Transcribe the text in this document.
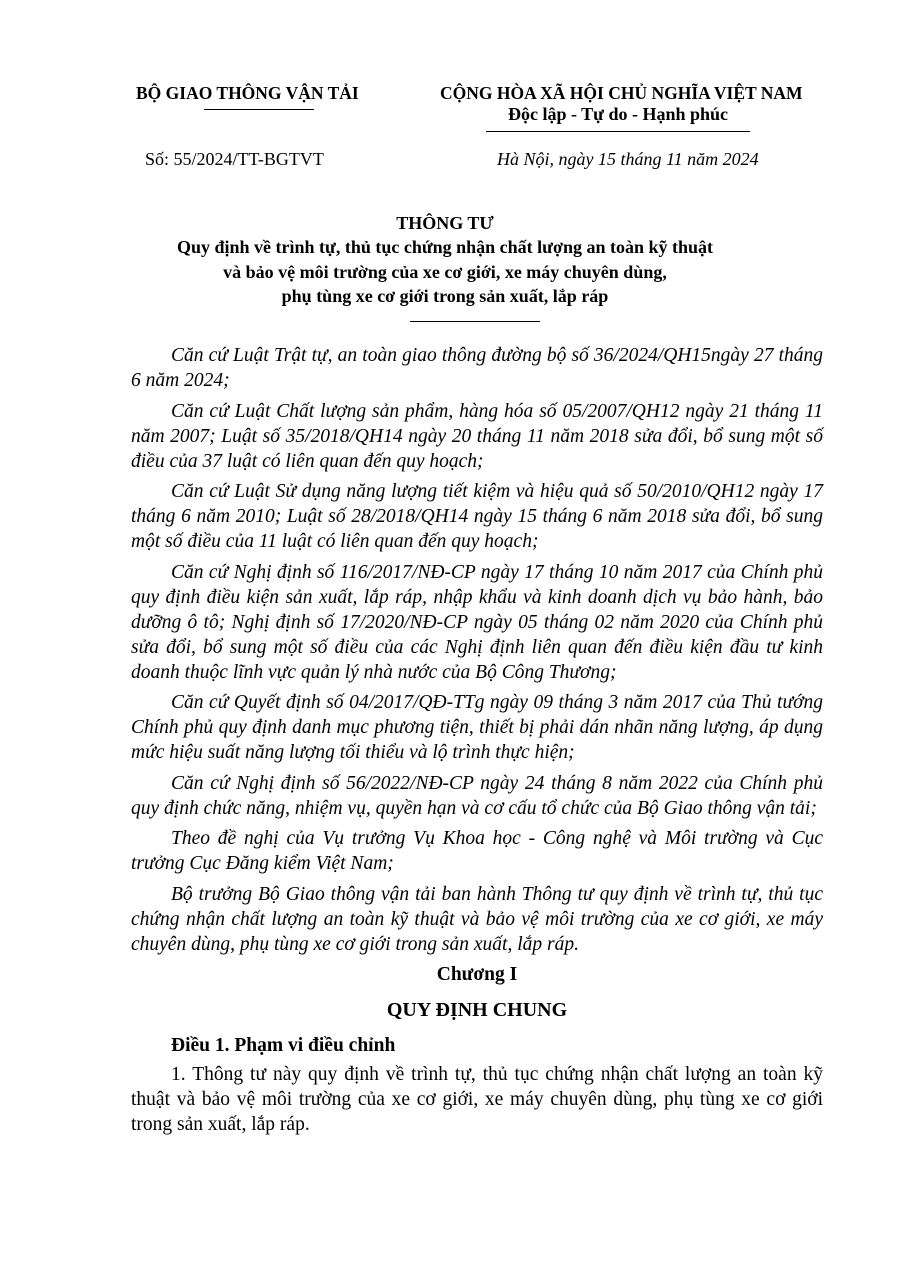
BỘ GIAO THÔNG VẬN TẢI	CỘNG HÒA XÃ HỘI CHỦ NGHĨA VIỆT NAM
Độc lập - Tự do - Hạnh phúc
Số: 55/2024/TT-BGTVT	Hà Nội, ngày 15 tháng 11 năm 2024
THÔNG TƯ
Quy định về trình tự, thủ tục chứng nhận chất lượng an toàn kỹ thuật
và bảo vệ môi trường của xe cơ giới, xe máy chuyên dùng,
phụ tùng xe cơ giới trong sản xuất, lắp ráp

Căn cứ Luật Trật tự, an toàn giao thông đường bộ số 36/2024/QH15ngày 27 tháng 6 năm 2024;

Căn cứ Luật Chất lượng sản phẩm, hàng hóa số 05/2007/QH12 ngày 21 tháng 11 năm 2007; Luật số 35/2018/QH14 ngày 20 tháng 11 năm 2018 sửa đổi, bổ sung một số điều của 37 luật có liên quan đến quy hoạch;

Căn cứ Luật Sử dụng năng lượng tiết kiệm và hiệu quả số 50/2010/QH12 ngày 17 tháng 6 năm 2010; Luật số 28/2018/QH14 ngày 15 tháng 6 năm 2018 sửa đổi, bổ sung một số điều của 11 luật có liên quan đến quy hoạch;

Căn cứ Nghị định số 116/2017/NĐ-CP ngày 17 tháng 10 năm 2017 của Chính phủ quy định điều kiện sản xuất, lắp ráp, nhập khẩu và kinh doanh dịch vụ bảo hành, bảo dưỡng ô tô; Nghị định số 17/2020/NĐ-CP ngày 05 tháng 02 năm 2020 của Chính phủ sửa đổi, bổ sung một số điều của các Nghị định liên quan đến điều kiện đầu tư kinh doanh thuộc lĩnh vực quản lý nhà nước của Bộ Công Thương;

Căn cứ Quyết định số 04/2017/QĐ-TTg ngày 09 tháng 3 năm 2017 của Thủ tướng Chính phủ quy định danh mục phương tiện, thiết bị phải dán nhãn năng lượng, áp dụng mức hiệu suất năng lượng tối thiểu và lộ trình thực hiện;

Căn cứ Nghị định số 56/2022/NĐ-CP ngày 24 tháng 8 năm 2022 của Chính phủ quy định chức năng, nhiệm vụ, quyền hạn và cơ cấu tổ chức của Bộ Giao thông vận tải;

Theo đề nghị của Vụ trưởng Vụ Khoa học - Công nghệ và Môi trường và Cục trưởng Cục Đăng kiểm Việt Nam;

Bộ trưởng Bộ Giao thông vận tải ban hành Thông tư quy định về trình tự, thủ tục chứng nhận chất lượng an toàn kỹ thuật và bảo vệ môi trường của xe cơ giới, xe máy chuyên dùng, phụ tùng xe cơ giới trong sản xuất, lắp ráp.

Chương I
QUY ĐỊNH CHUNG
Điều 1. Phạm vi điều chỉnh

1. Thông tư này quy định về trình tự, thủ tục chứng nhận chất lượng an toàn kỹ thuật và bảo vệ môi trường của xe cơ giới, xe máy chuyên dùng, phụ tùng xe cơ giới trong sản xuất, lắp ráp.
